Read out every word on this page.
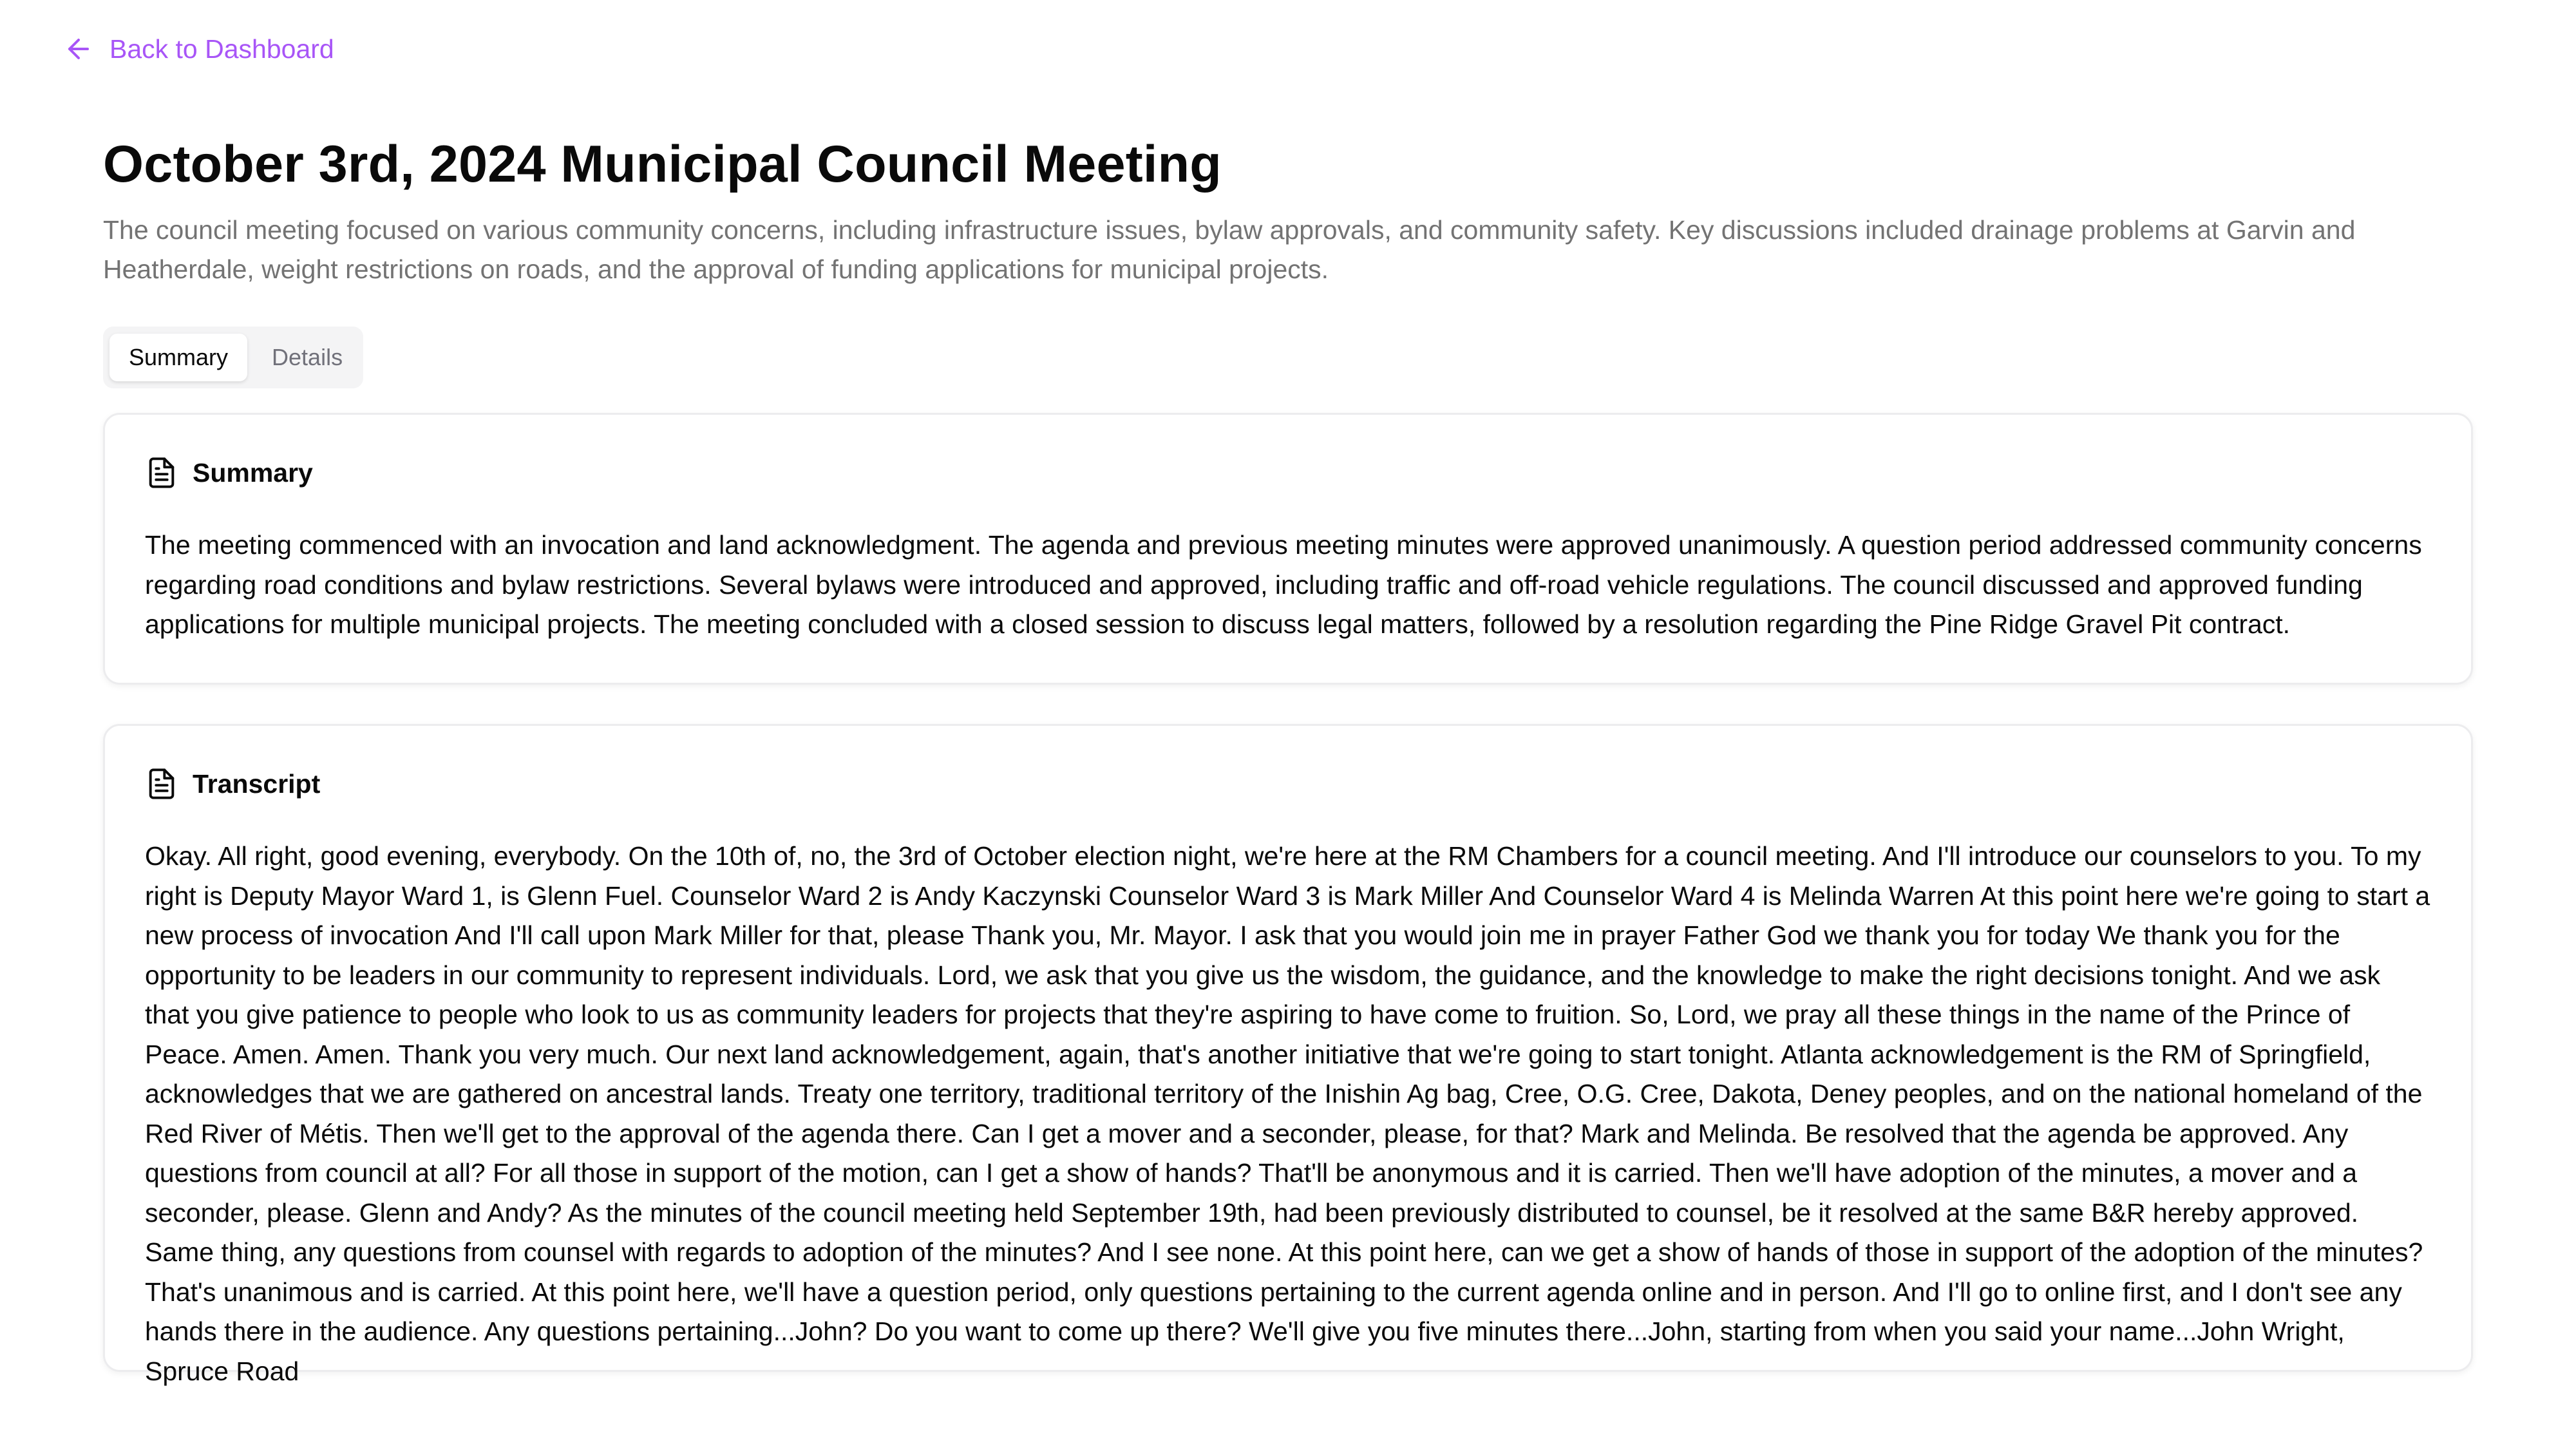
Back to Dashboard
October 3rd, 2024 Municipal Council Meeting

The council meeting focused on various community concerns, including infrastructure issues, bylaw approvals, and community safety. Key discussions included drainage problems at Garvin and Heatherdale, weight restrictions on roads, and the approval of funding applications for municipal projects.

Summary	Details
Summary
The meeting commenced with an invocation and land acknowledgment. The agenda and previous meeting minutes were approved unanimously. A question period addressed community concerns regarding road conditions and bylaw restrictions. Several bylaws were introduced and approved, including traffic and off-road vehicle regulations. The council discussed and approved funding applications for multiple municipal projects. The meeting concluded with a closed session to discuss legal matters, followed by a resolution regarding the Pine Ridge Gravel Pit contract.
Transcript
Okay. All right, good evening, everybody. On the 10th of, no, the 3rd of October election night, we're here at the RM Chambers for a council meeting. And I'll introduce our counselors to you. To my right is Deputy Mayor Ward 1, is Glenn Fuel. Counselor Ward 2 is Andy Kaczynski Counselor Ward 3 is Mark Miller And Counselor Ward 4 is Melinda Warren At this point here we're going to start a new process of invocation And I'll call upon Mark Miller for that, please Thank you, Mr. Mayor. I ask that you would join me in prayer Father God we thank you for today We thank you for the opportunity to be leaders in our community to represent individuals. Lord, we ask that you give us the wisdom, the guidance, and the knowledge to make the right decisions tonight. And we ask that you give patience to people who look to us as community leaders for projects that they're aspiring to have come to fruition. So, Lord, we pray all these things in the name of the Prince of Peace. Amen. Amen. Thank you very much. Our next land acknowledgement, again, that's another initiative that we're going to start tonight. Atlanta acknowledgement is the RM of Springfield, acknowledges that we are gathered on ancestral lands. Treaty one territory, traditional territory of the Inishin Ag bag, Cree, O.G. Cree, Dakota, Deney peoples, and on the national homeland of the Red River of Métis. Then we'll get to the approval of the agenda there. Can I get a mover and a seconder, please, for that? Mark and Melinda. Be resolved that the agenda be approved. Any questions from council at all? For all those in support of the motion, can I get a show of hands? That'll be anonymous and it is carried. Then we'll have adoption of the minutes, a mover and a seconder, please. Glenn and Andy? As the minutes of the council meeting held September 19th, had been previously distributed to counsel, be it resolved at the same B&R hereby approved. Same thing, any questions from counsel with regards to adoption of the minutes? And I see none. At this point here, can we get a show of hands of those in support of the adoption of the minutes? That's unanimous and is carried. At this point here, we'll have a question period, only questions pertaining to the current agenda online and in person. And I'll go to online first, and I don't see any hands there in the audience. Any questions pertaining...John? Do you want to come up there? We'll give you five minutes there...John, starting from when you said your name...John Wright, Spruce Road
